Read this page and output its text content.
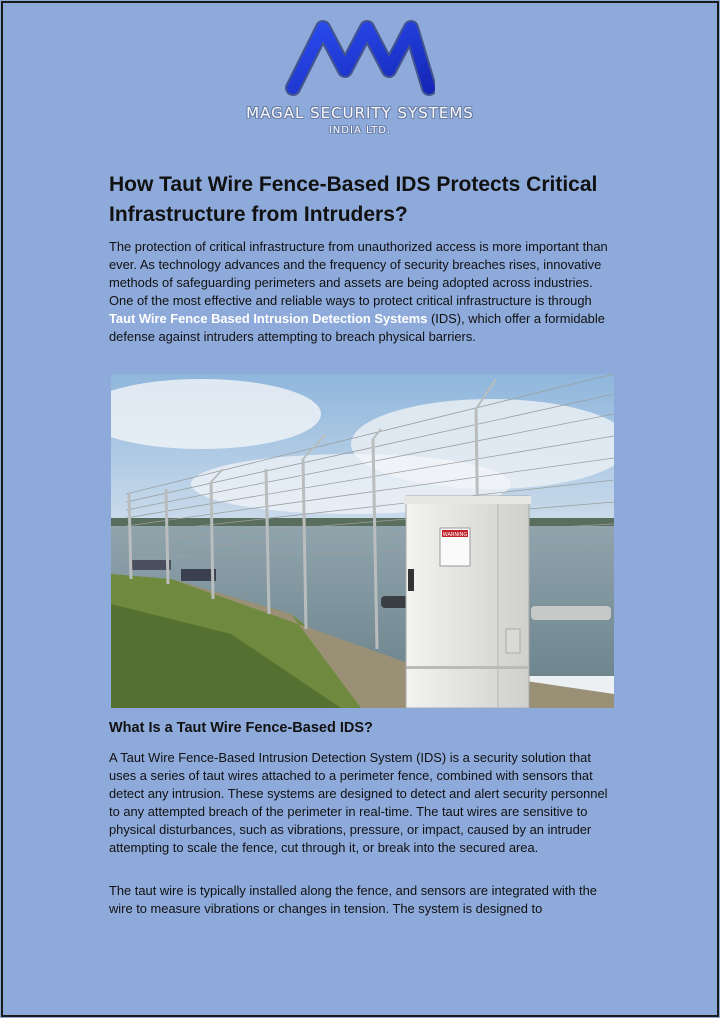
MAGAL SECURITY SYSTEMS
INDIA LTD.
How Taut Wire Fence-Based IDS Protects Critical Infrastructure from Intruders?

The protection of critical infrastructure from unauthorized access is more important than ever. As technology advances and the frequency of security breaches rises, innovative methods of safeguarding perimeters and assets are being adopted across industries. One of the most effective and reliable ways to protect critical infrastructure is through Taut Wire Fence Based Intrusion Detection Systems (IDS), which offer a formidable defense against intruders attempting to breach physical barriers.

WARNING
What Is a Taut Wire Fence-Based IDS?

A Taut Wire Fence-Based Intrusion Detection System (IDS) is a security solution that uses a series of taut wires attached to a perimeter fence, combined with sensors that detect any intrusion. These systems are designed to detect and alert security personnel to any attempted breach of the perimeter in real-time. The taut wires are sensitive to physical disturbances, such as vibrations, pressure, or impact, caused by an intruder attempting to scale the fence, cut through it, or break into the secured area.

The taut wire is typically installed along the fence, and sensors are integrated with the wire to measure vibrations or changes in tension. The system is designed to
